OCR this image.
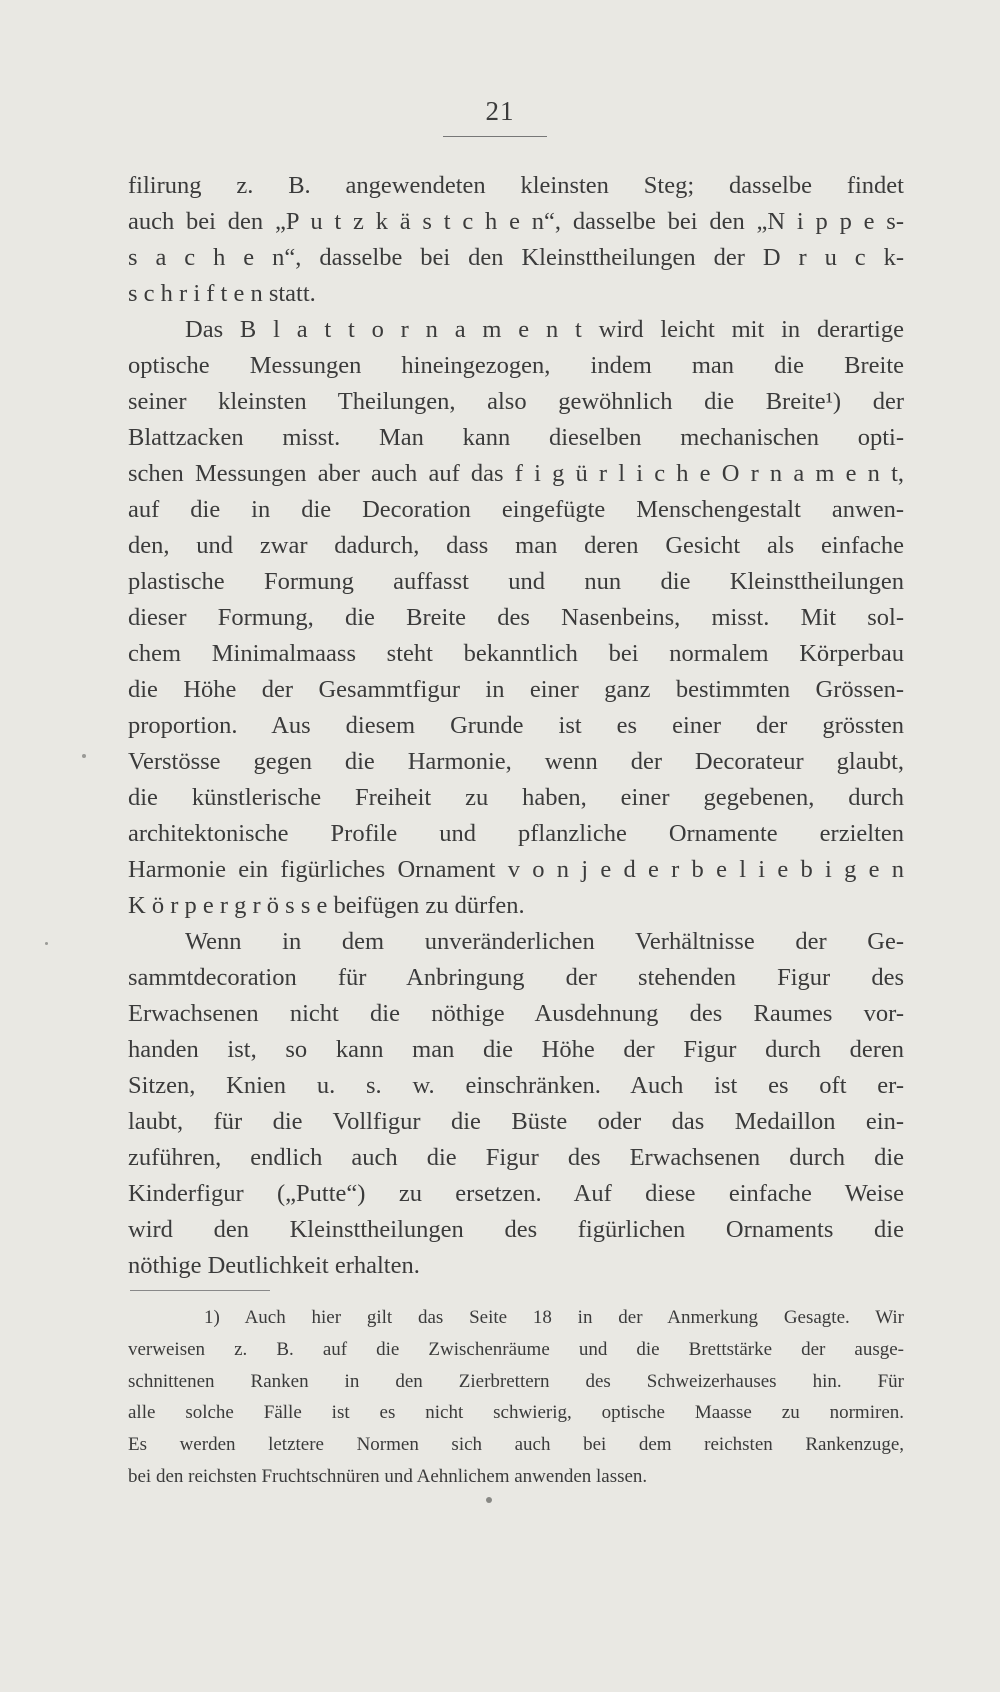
21
filirung z. B. angewendeten kleinsten Steg; dasselbe findet
auch bei den „P u t z k ä s t c h e n“, dasselbe bei den „N i p p e s-
s a c h e n“, dasselbe bei den Kleinsttheilungen der D r u c k-
s c h r i f t e n statt.
Das B l a t t o r n a m e n t wird leicht mit in derartige
optische Messungen hineingezogen, indem man die Breite
seiner kleinsten Theilungen, also gewöhnlich die Breite¹) der
Blattzacken misst. Man kann dieselben mechanischen opti-
schen Messungen aber auch auf das f i g ü r l i c h e O r n a m e n t,
auf die in die Decoration eingefügte Menschengestalt anwen-
den, und zwar dadurch, dass man deren Gesicht als einfache
plastische Formung auffasst und nun die Kleinsttheilungen
dieser Formung, die Breite des Nasenbeins, misst. Mit sol-
chem Minimalmaass steht bekanntlich bei normalem Körperbau
die Höhe der Gesammtfigur in einer ganz bestimmten Grössen-
proportion. Aus diesem Grunde ist es einer der grössten
Verstösse gegen die Harmonie, wenn der Decorateur glaubt,
die künstlerische Freiheit zu haben, einer gegebenen, durch
architektonische Profile und pflanzliche Ornamente erzielten
Harmonie ein figürliches Ornament v o n j e d e r b e l i e b i g e n
K ö r p e r g r ö s s e beifügen zu dürfen.
Wenn in dem unveränderlichen Verhältnisse der Ge-
sammtdecoration für Anbringung der stehenden Figur des
Erwachsenen nicht die nöthige Ausdehnung des Raumes vor-
handen ist, so kann man die Höhe der Figur durch deren
Sitzen, Knien u. s. w. einschränken. Auch ist es oft er-
laubt, für die Vollfigur die Büste oder das Medaillon ein-
zuführen, endlich auch die Figur des Erwachsenen durch die
Kinderfigur („Putte“) zu ersetzen. Auf diese einfache Weise
wird den Kleinsttheilungen des figürlichen Ornaments die
nöthige Deutlichkeit erhalten.
1) Auch hier gilt das Seite 18 in der Anmerkung Gesagte. Wir
verweisen z. B. auf die Zwischenräume und die Brettstärke der ausge-
schnittenen Ranken in den Zierbrettern des Schweizerhauses hin. Für
alle solche Fälle ist es nicht schwierig, optische Maasse zu normiren.
Es werden letztere Normen sich auch bei dem reichsten Rankenzuge,
bei den reichsten Fruchtschnüren und Aehnlichem anwenden lassen.
